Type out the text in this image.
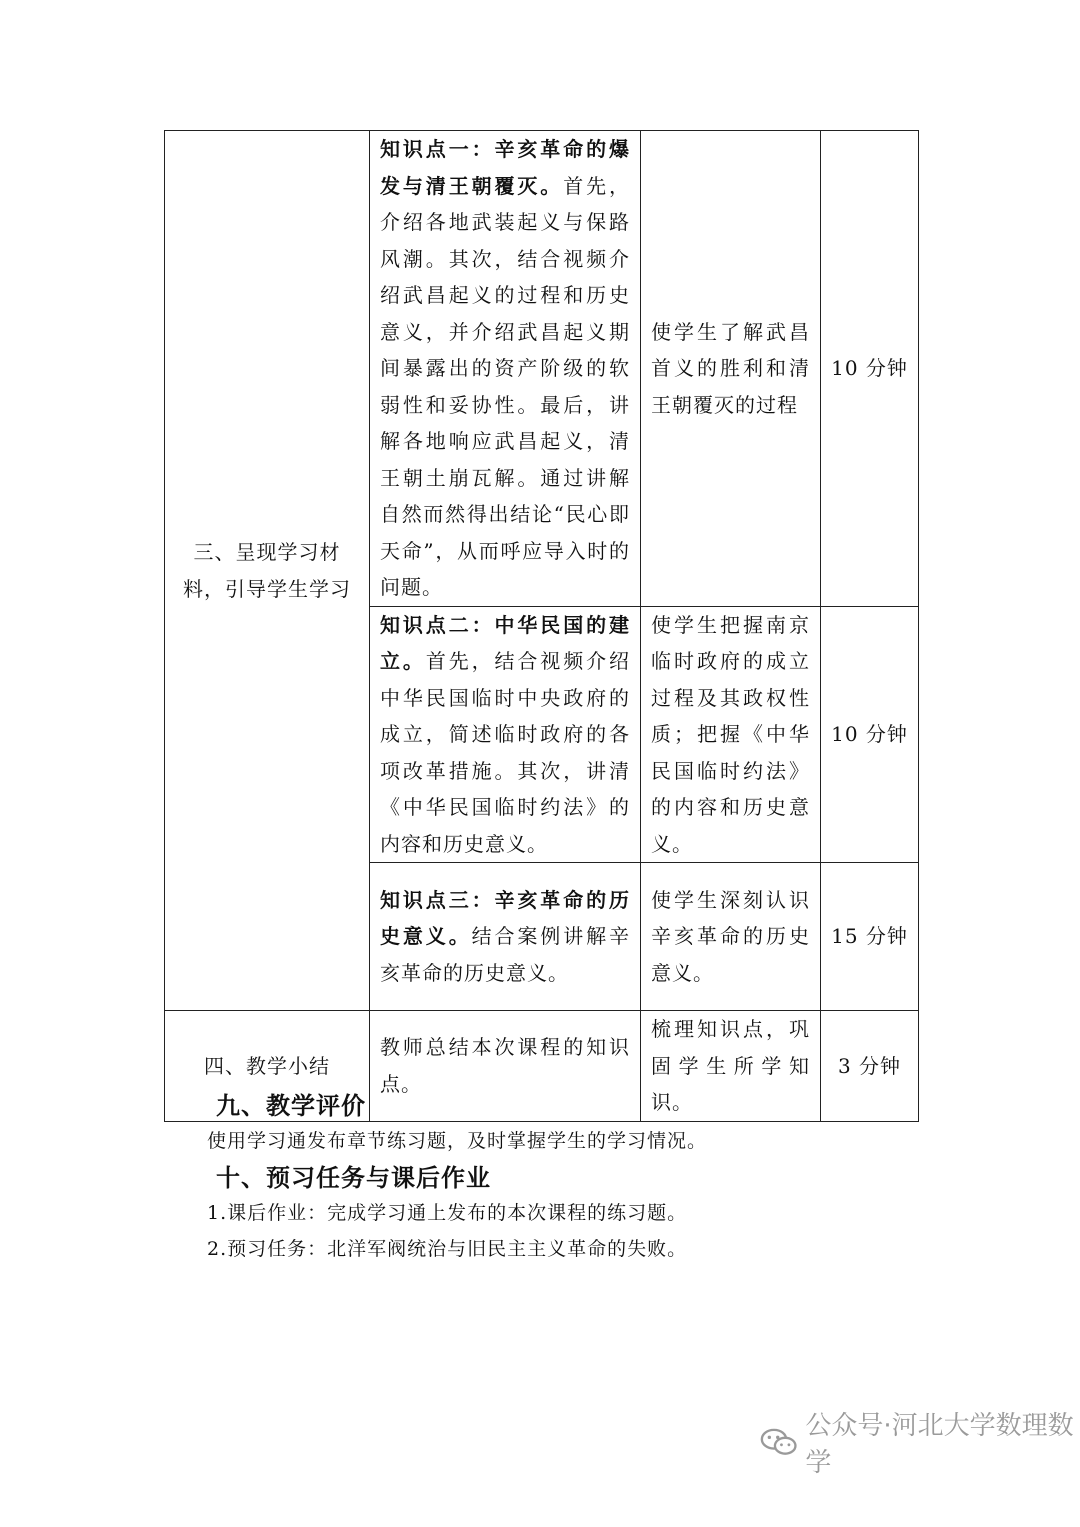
三、呈现学习材料，引导学生学习	知识点一：辛亥革命的爆发与清王朝覆灭。首先，介绍各地武装起义与保路风潮。其次，结合视频介绍武昌起义的过程和历史意义，并介绍武昌起义期间暴露出的资产阶级的软弱性和妥协性。最后，讲解各地响应武昌起义，清王朝土崩瓦解。通过讲解自然而然得出结论“民心即天命”，从而呼应导入时的问题。	使学生了解武昌首义的胜利和清王朝覆灭的过程	10 分钟
	知识点二：中华民国的建立。首先，结合视频介绍中华民国临时中央政府的成立，简述临时政府的各项改革措施。其次，讲清《中华民国临时约法》的内容和历史意义。	使学生把握南京临时政府的成立过程及其政权性质；把握《中华民国临时约法》的内容和历史意义。	10 分钟
	知识点三：辛亥革命的历史意义。结合案例讲解辛亥革命的历史意义。	使学生深刻认识辛亥革命的历史意义。	15 分钟
四、教学小结	教师总结本次课程的知识点。	梳理知识点，巩固学生所学知识。	3 分钟
九、教学评价

使用学习通发布章节练习题，及时掌握学生的学习情况。

十、预习任务与课后作业

1.课后作业：完成学习通上发布的本次课程的练习题。

2.预习任务：北洋军阀统治与旧民主主义革命的失败。

公众号·河北大学数理数学
